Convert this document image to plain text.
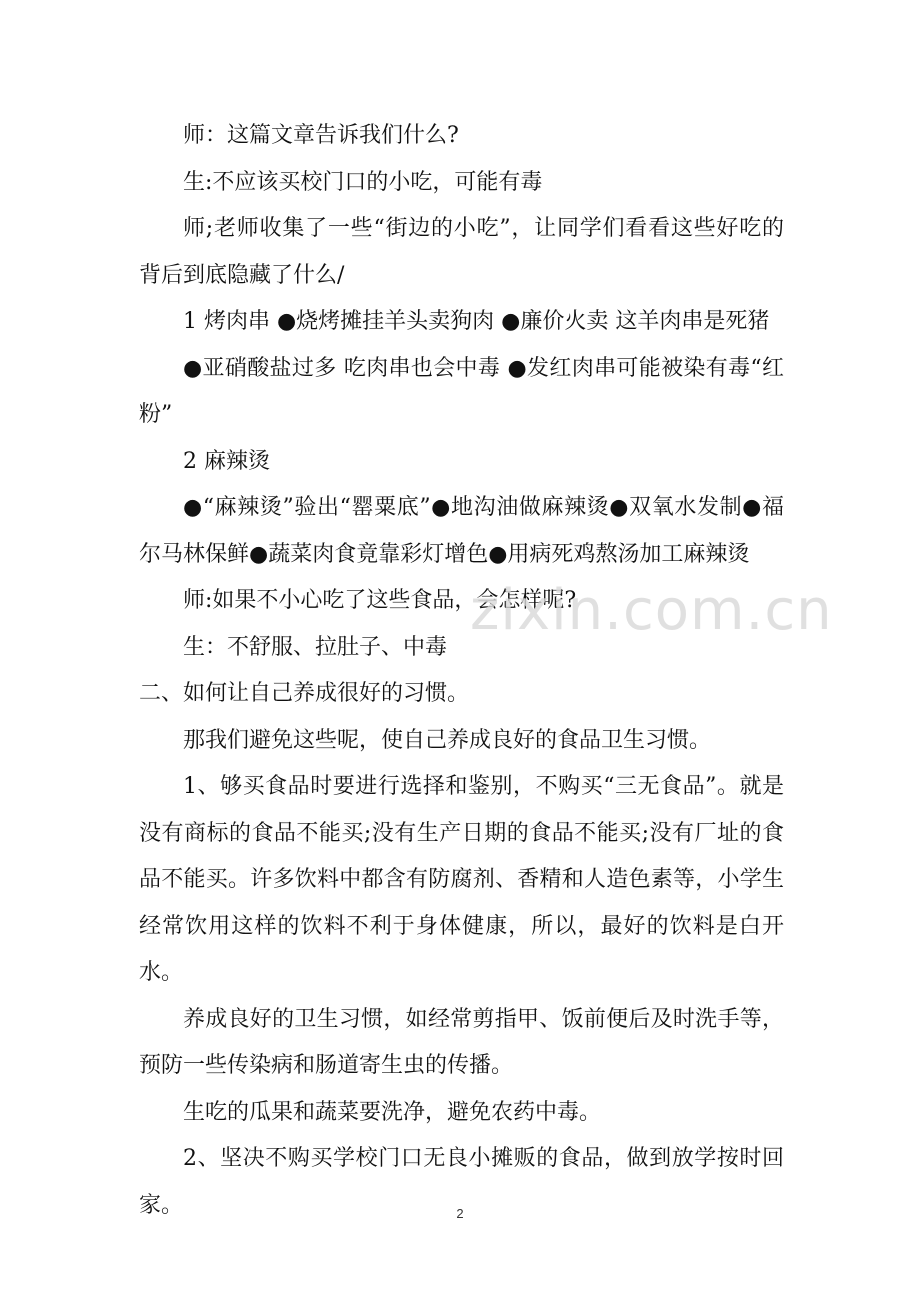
师：这篇文章告诉我们什么?

生:不应该买校门口的小吃，可能有毒

师;老师收集了一些“街边的小吃”，让同学们看看这些好吃的背后到底隐藏了什么/

1 烤肉串 ●烧烤摊挂羊头卖狗肉 ●廉价火卖 这羊肉串是死猪

●亚硝酸盐过多 吃肉串也会中毒 ●发红肉串可能被染有毒“红粉”

2 麻辣烫

●“麻辣烫”验出“罂粟底”●地沟油做麻辣烫●双氧水发制●福尔马林保鲜●蔬菜肉食竟靠彩灯增色●用病死鸡熬汤加工麻辣烫

师:如果不小心吃了这些食品，会怎样呢?

生：不舒服、拉肚子、中毒

二、如何让自己养成很好的习惯。

那我们避免这些呢，使自己养成良好的食品卫生习惯。

1、够买食品时要进行选择和鉴别，不购买“三无食品”。就是没有商标的食品不能买;没有生产日期的食品不能买;没有厂址的食品不能买。许多饮料中都含有防腐剂、香精和人造色素等，小学生经常饮用这样的饮料不利于身体健康，所以，最好的饮料是白开水。

养成良好的卫生习惯，如经常剪指甲、饭前便后及时洗手等，预防一些传染病和肠道寄生虫的传播。

生吃的瓜果和蔬菜要洗净，避免农药中毒。

2、坚决不购买学校门口无良小摊贩的食品，做到放学按时回家。

zixin.com.cn
2
